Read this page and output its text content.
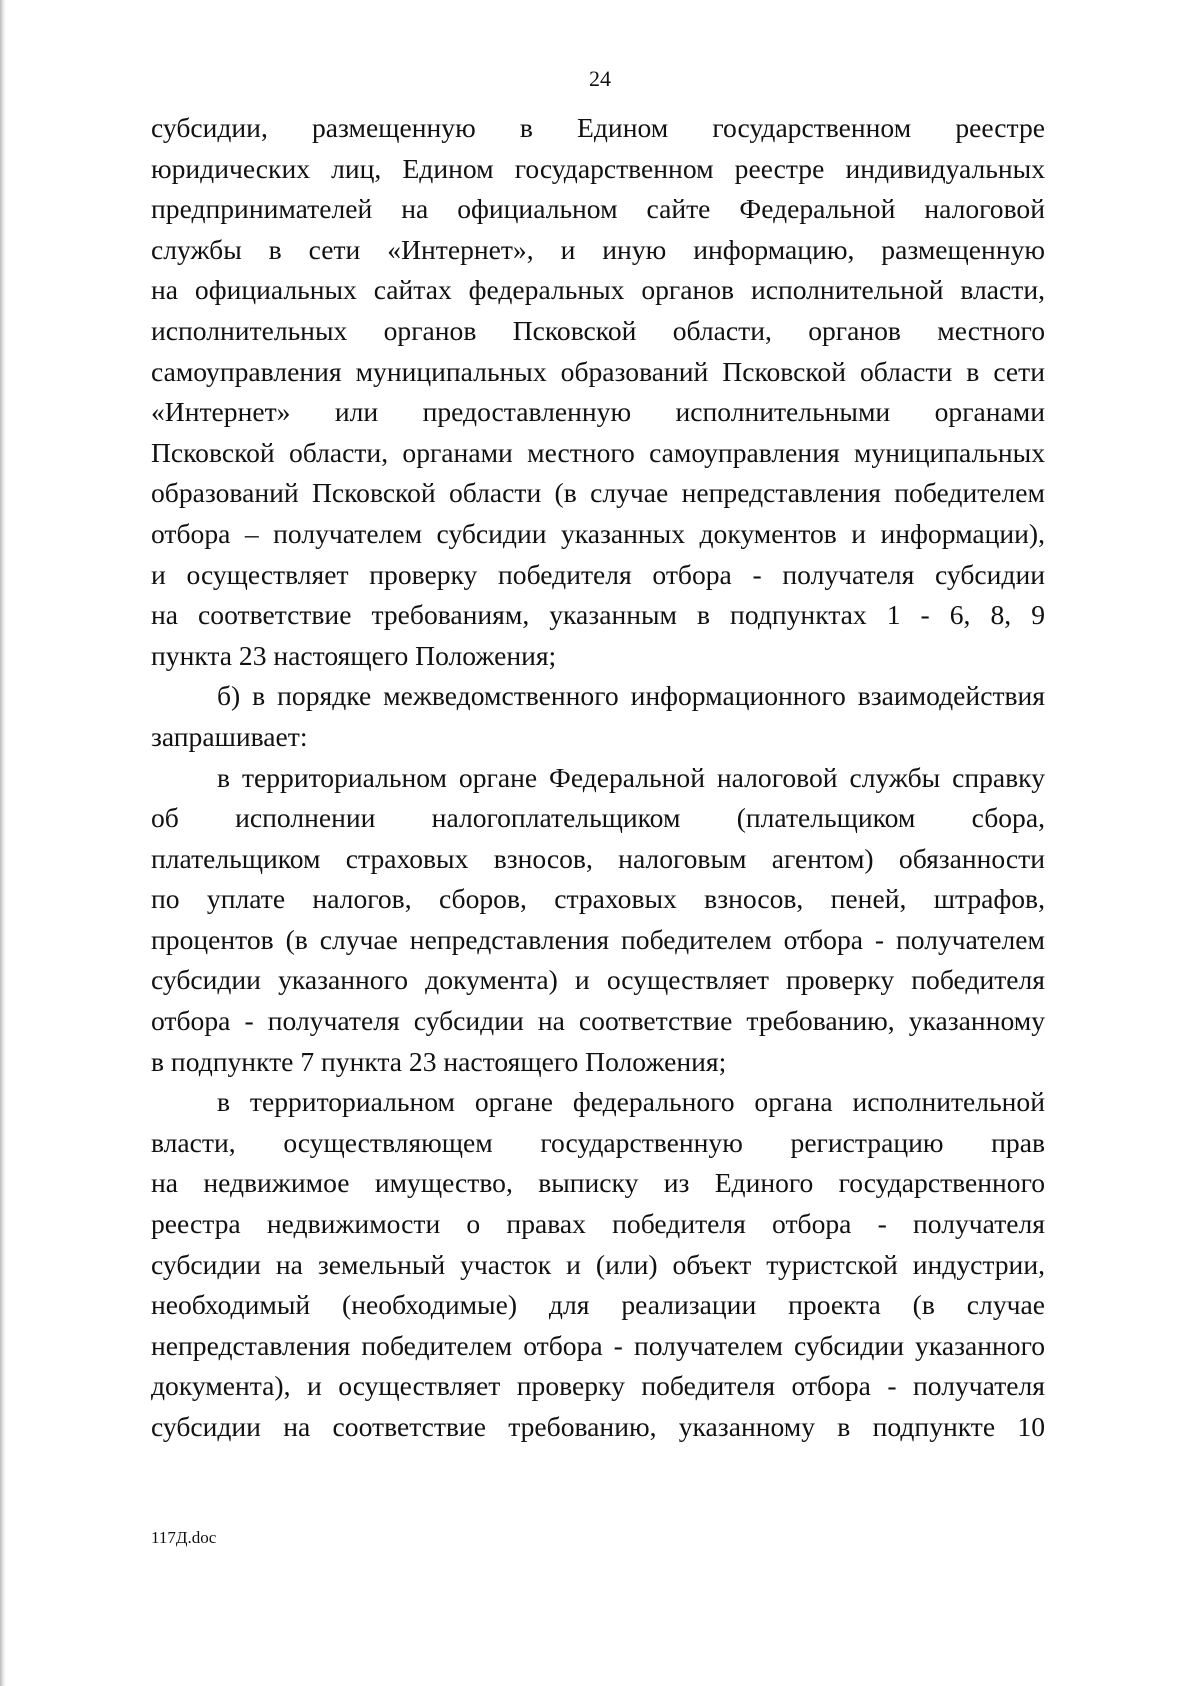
24
субсидии, размещенную в Едином государственном реестре
юридических лиц, Едином государственном реестре индивидуальных
предпринимателей на официальном сайте Федеральной налоговой
службы в сети «Интернет», и иную информацию, размещенную
на официальных сайтах федеральных органов исполнительной власти,
исполнительных органов Псковской области, органов местного
самоуправления муниципальных образований Псковской области в сети
«Интернет» или предоставленную исполнительными органами
Псковской области, органами местного самоуправления муниципальных
образований Псковской области (в случае непредставления победителем
отбора – получателем субсидии указанных документов и информации),
и осуществляет проверку победителя отбора - получателя субсидии
на соответствие требованиям, указанным в подпунктах 1 - 6, 8, 9
пункта 23 настоящего Положения;
б) в порядке межведомственного информационного взаимодействия
запрашивает:
в территориальном органе Федеральной налоговой службы справку
об исполнении налогоплательщиком (плательщиком сбора,
плательщиком страховых взносов, налоговым агентом) обязанности
по уплате налогов, сборов, страховых взносов, пеней, штрафов,
процентов (в случае непредставления победителем отбора - получателем
субсидии указанного документа) и осуществляет проверку победителя
отбора - получателя субсидии на соответствие требованию, указанному
в подпункте 7 пункта 23 настоящего Положения;
в территориальном органе федерального органа исполнительной
власти, осуществляющем государственную регистрацию прав
на недвижимое имущество, выписку из Единого государственного
реестра недвижимости о правах победителя отбора - получателя
субсидии на земельный участок и (или) объект туристской индустрии,
необходимый (необходимые) для реализации проекта (в случае
непредставления победителем отбора - получателем субсидии указанного
документа), и осуществляет проверку победителя отбора - получателя
субсидии на соответствие требованию, указанному в подпункте 10
117Д.doc
